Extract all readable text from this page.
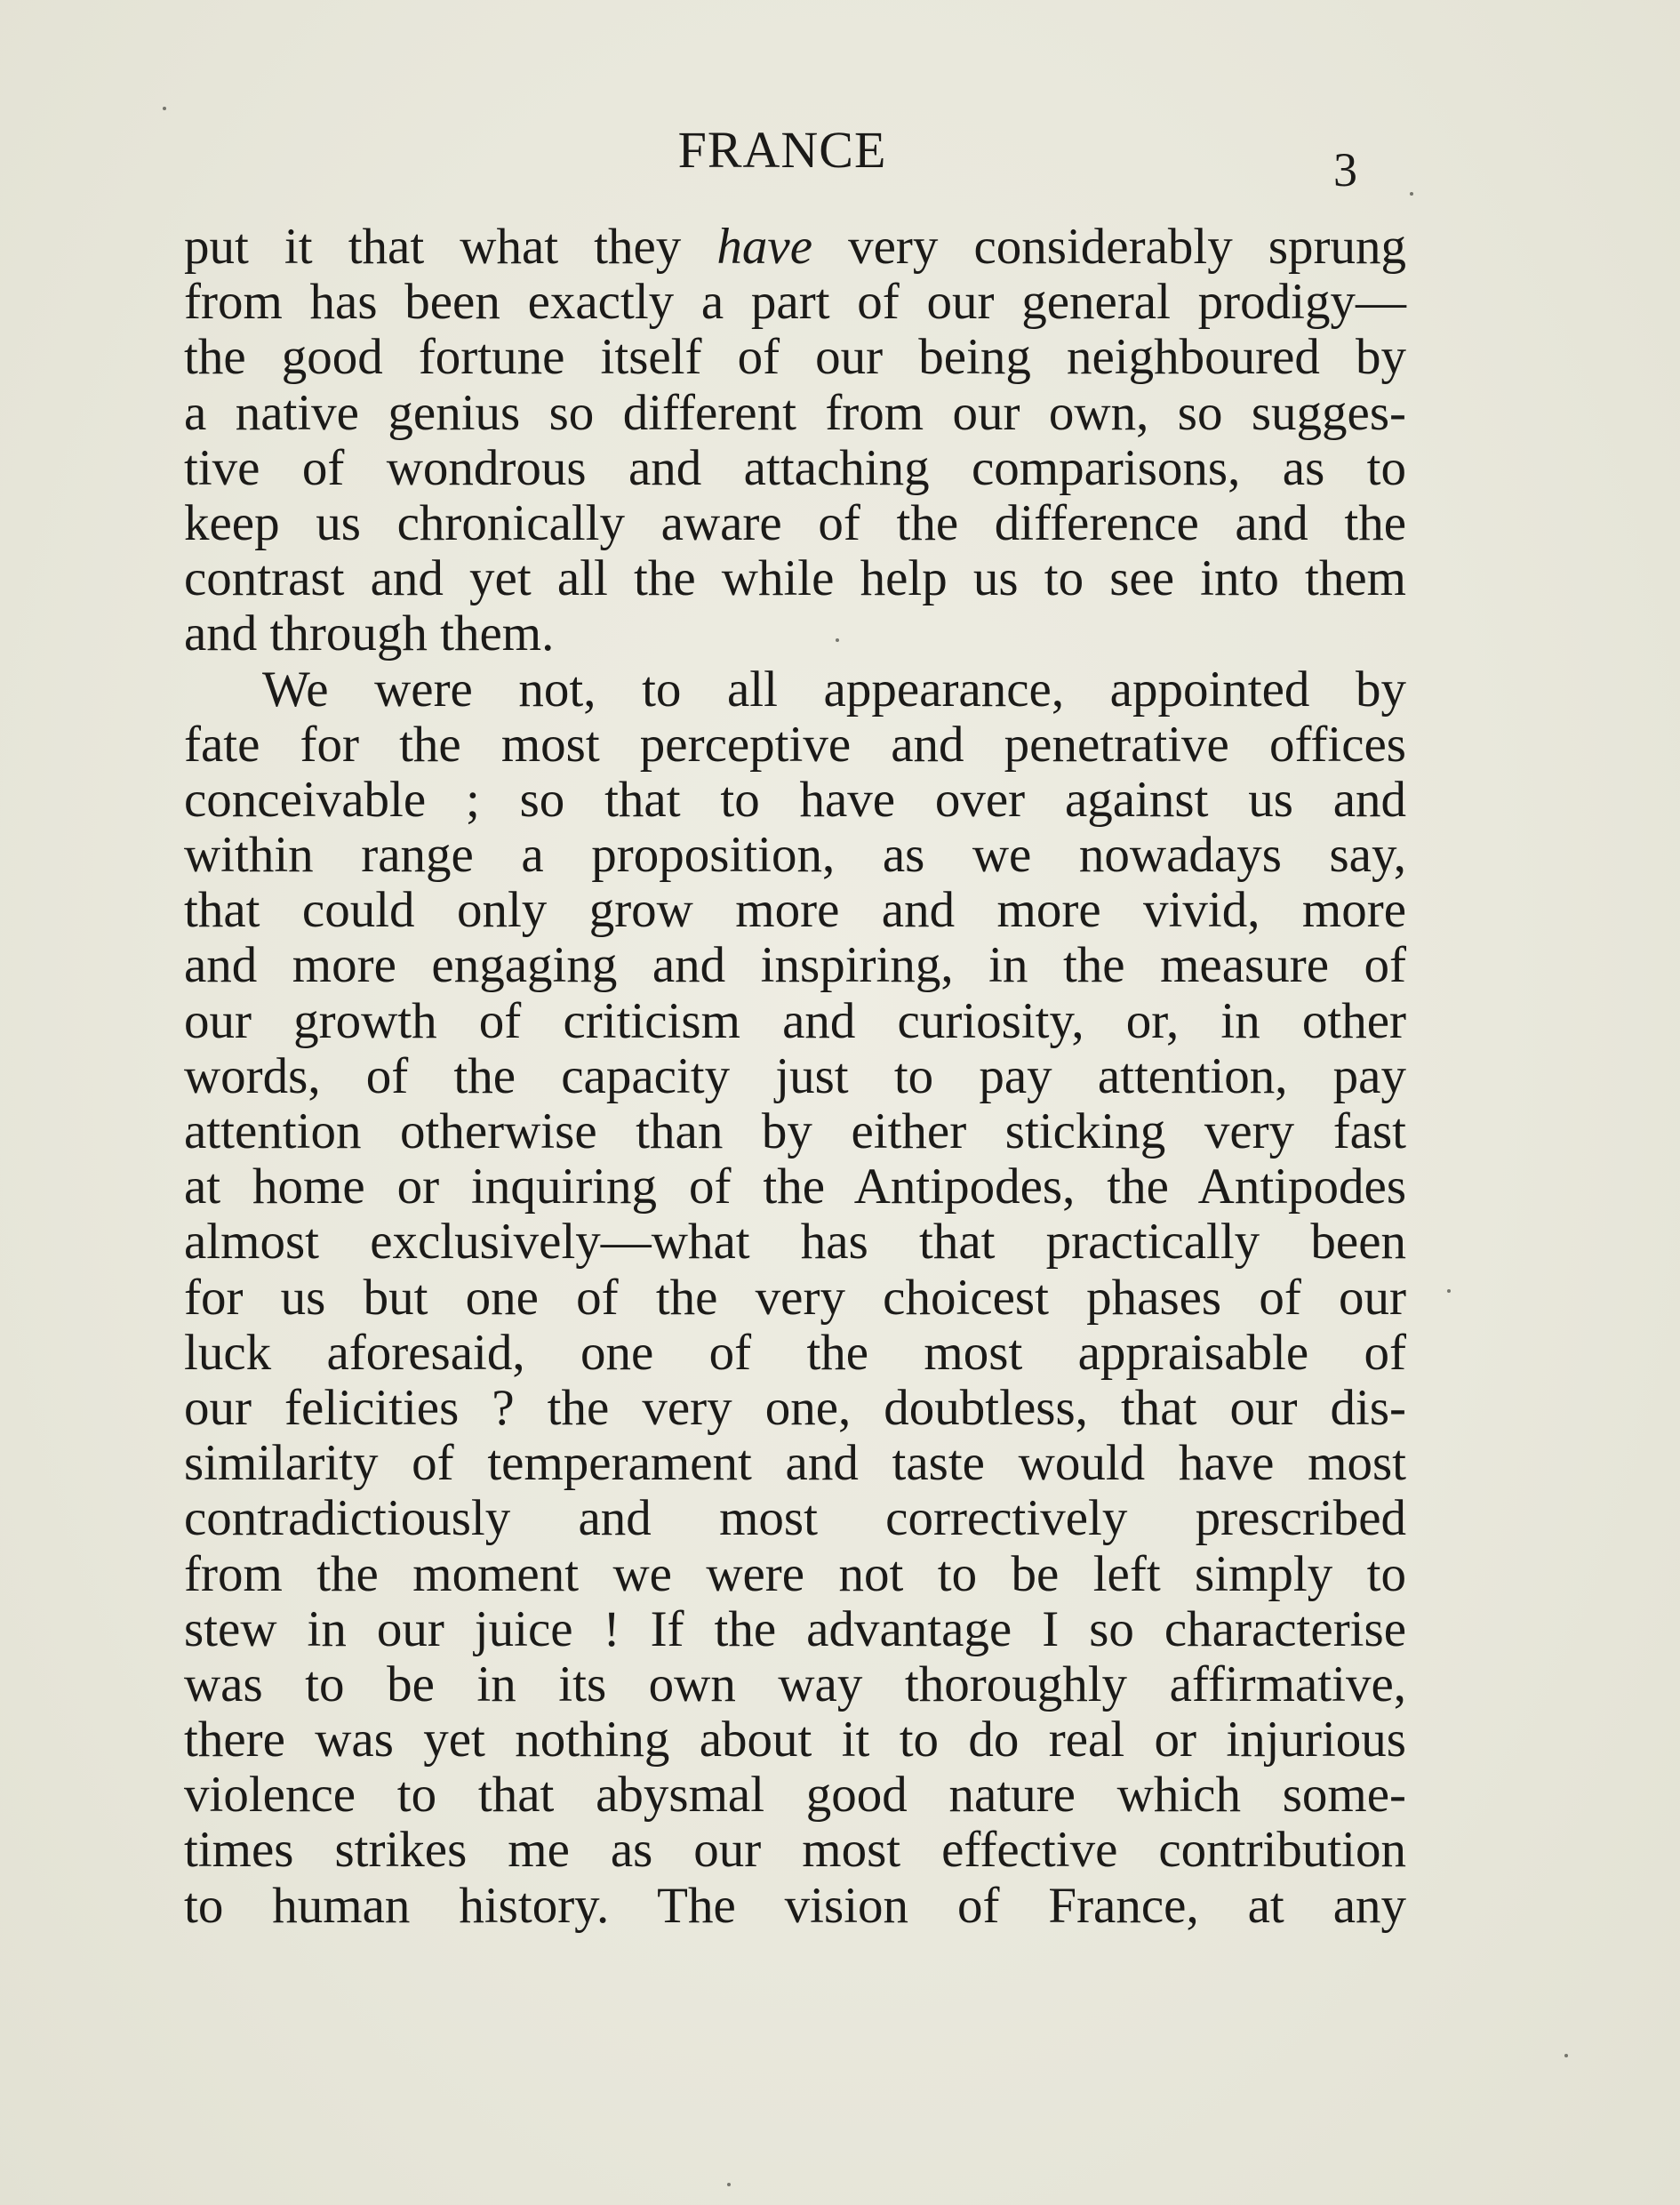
FRANCE	3
put it that what they have very considerably sprung
from has been exactly a part of our general prodigy—
the good fortune itself of our being neighboured by
a native genius so different from our own, so sugges-
tive of wondrous and attaching comparisons, as to
keep us chronically aware of the difference and the
contrast and yet all the while help us to see into them
and through them.
We were not, to all appearance, appointed by
fate for the most perceptive and penetrative offices
conceivable ; so that to have over against us and
within range a proposition, as we nowadays say,
that could only grow more and more vivid, more
and more engaging and inspiring, in the measure of
our growth of criticism and curiosity, or, in other
words, of the capacity just to pay attention, pay
attention otherwise than by either sticking very fast
at home or inquiring of the Antipodes, the Antipodes
almost exclusively—what has that practically been
for us but one of the very choicest phases of our
luck aforesaid, one of the most appraisable of
our felicities ? the very one, doubtless, that our dis-
similarity of temperament and taste would have most
contradictiously and most correctively prescribed
from the moment we were not to be left simply to
stew in our juice ! If the advantage I so characterise
was to be in its own way thoroughly affirmative,
there was yet nothing about it to do real or injurious
violence to that abysmal good nature which some-
times strikes me as our most effective contribution
to human history. The vision of France, at any
